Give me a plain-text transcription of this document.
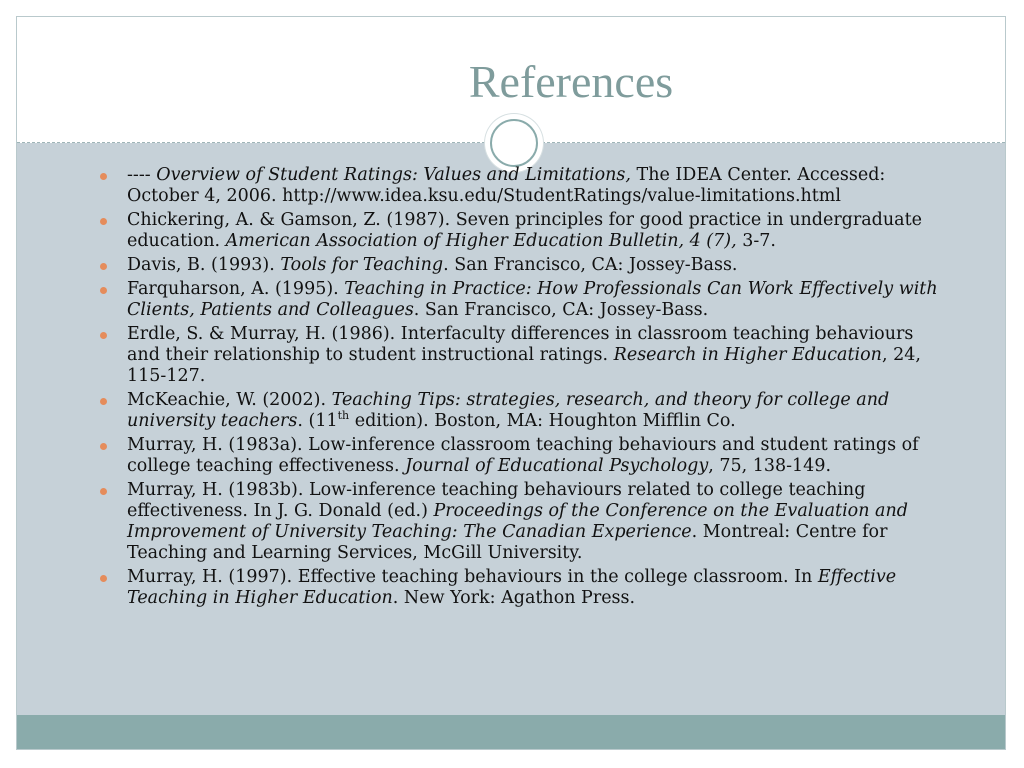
References
---- Overview of Student Ratings: Values and Limitations, The IDEA Center. Accessed: October 4, 2006. http://www.idea.ksu.edu/StudentRatings/value-limitations.html
Chickering, A. & Gamson, Z. (1987). Seven principles for good practice in undergraduate education. American Association of Higher Education Bulletin, 4 (7), 3-7.
Davis, B. (1993). Tools for Teaching. San Francisco, CA: Jossey-Bass.
Farquharson, A. (1995). Teaching in Practice: How Professionals Can Work Effectively with Clients, Patients and Colleagues. San Francisco, CA: Jossey-Bass.
Erdle, S. & Murray, H. (1986). Interfaculty differences in classroom teaching behaviours and their relationship to student instructional ratings. Research in Higher Education, 24, 115-127.
McKeachie, W. (2002). Teaching Tips: strategies, research, and theory for college and university teachers. (11th edition). Boston, MA: Houghton Mifflin Co.
Murray, H. (1983a). Low-inference classroom teaching behaviours and student ratings of college teaching effectiveness. Journal of Educational Psychology, 75, 138-149.
Murray, H. (1983b). Low-inference teaching behaviours related to college teaching effectiveness. In J. G. Donald (ed.) Proceedings of the Conference on the Evaluation and Improvement of University Teaching: The Canadian Experience. Montreal: Centre for Teaching and Learning Services, McGill University.
Murray, H. (1997). Effective teaching behaviours in the college classroom. In Effective Teaching in Higher Education. New York: Agathon Press.
